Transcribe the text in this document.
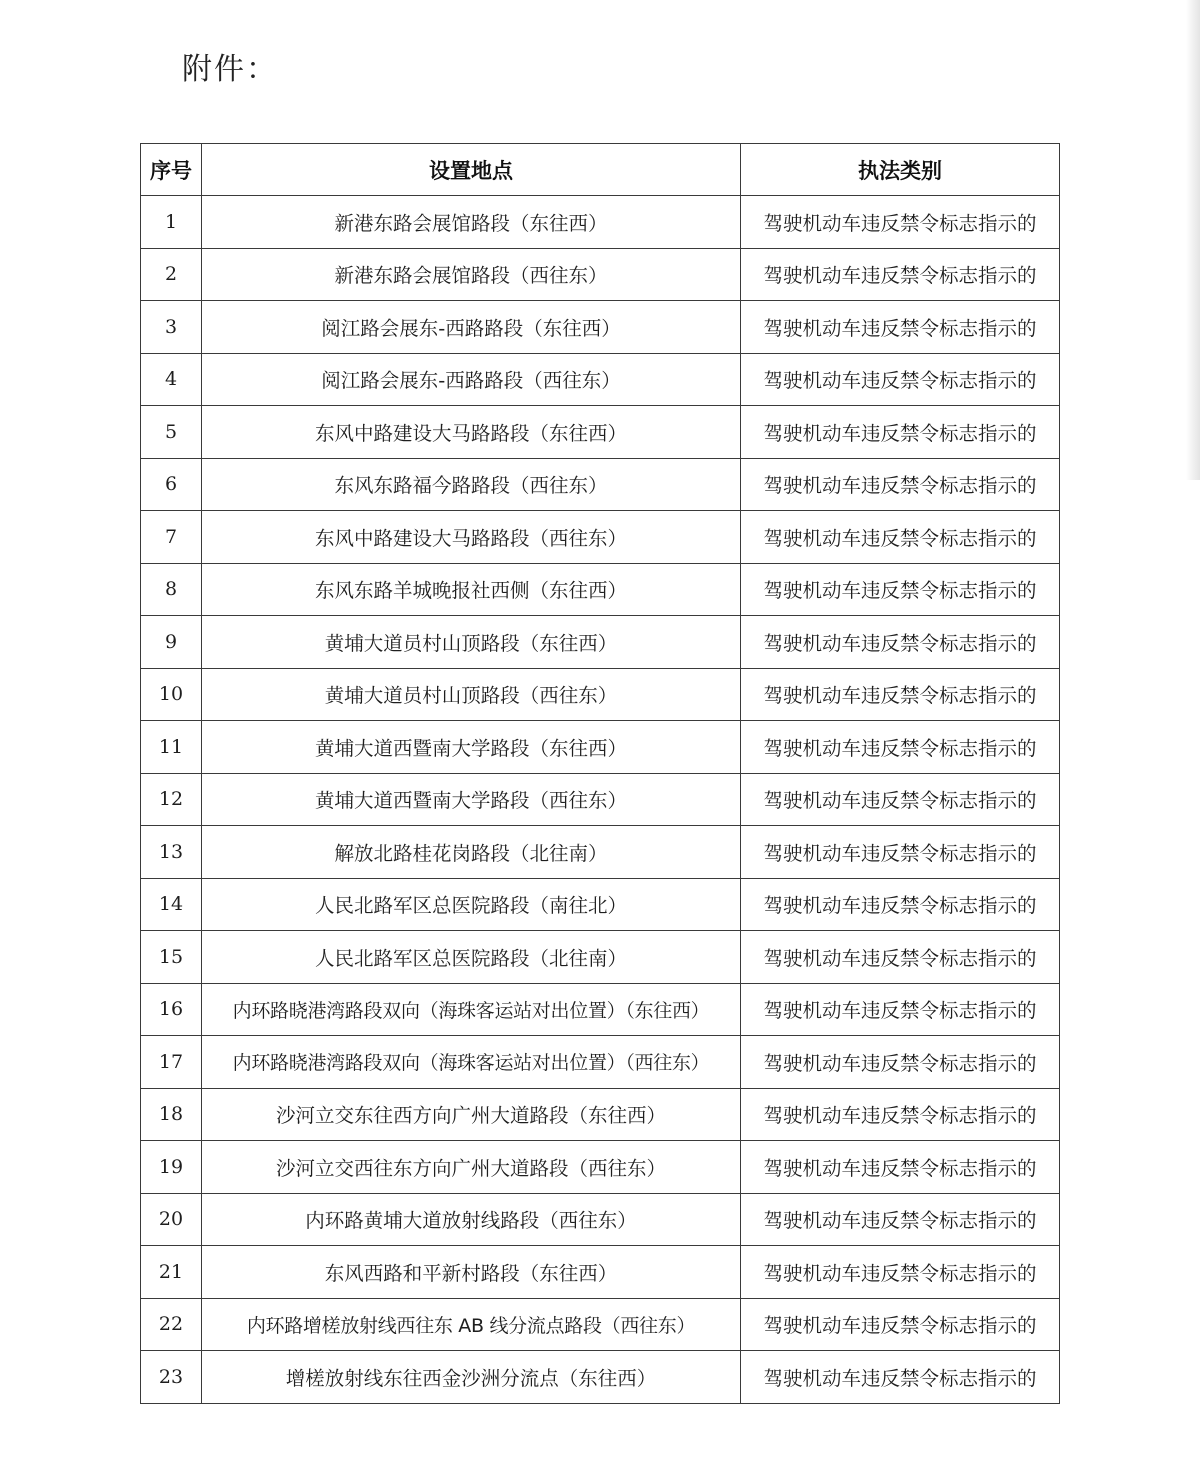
附件：
序号	设置地点	执法类别
1	新港东路会展馆路段（东往西）	驾驶机动车违反禁令标志指示的
2	新港东路会展馆路段（西往东）	驾驶机动车违反禁令标志指示的
3	阅江路会展东-西路路段（东往西）	驾驶机动车违反禁令标志指示的
4	阅江路会展东-西路路段（西往东）	驾驶机动车违反禁令标志指示的
5	东风中路建设大马路路段（东往西）	驾驶机动车违反禁令标志指示的
6	东风东路福今路路段（西往东）	驾驶机动车违反禁令标志指示的
7	东风中路建设大马路路段（西往东）	驾驶机动车违反禁令标志指示的
8	东风东路羊城晚报社西侧（东往西）	驾驶机动车违反禁令标志指示的
9	黄埔大道员村山顶路段（东往西）	驾驶机动车违反禁令标志指示的
10	黄埔大道员村山顶路段（西往东）	驾驶机动车违反禁令标志指示的
11	黄埔大道西暨南大学路段（东往西）	驾驶机动车违反禁令标志指示的
12	黄埔大道西暨南大学路段（西往东）	驾驶机动车违反禁令标志指示的
13	解放北路桂花岗路段（北往南）	驾驶机动车违反禁令标志指示的
14	人民北路军区总医院路段（南往北）	驾驶机动车违反禁令标志指示的
15	人民北路军区总医院路段（北往南）	驾驶机动车违反禁令标志指示的
16	内环路晓港湾路段双向（海珠客运站对出位置）（东往西）	驾驶机动车违反禁令标志指示的
17	内环路晓港湾路段双向（海珠客运站对出位置）（西往东）	驾驶机动车违反禁令标志指示的
18	沙河立交东往西方向广州大道路段（东往西）	驾驶机动车违反禁令标志指示的
19	沙河立交西往东方向广州大道路段（西往东）	驾驶机动车违反禁令标志指示的
20	内环路黄埔大道放射线路段（西往东）	驾驶机动车违反禁令标志指示的
21	东风西路和平新村路段（东往西）	驾驶机动车违反禁令标志指示的
22	内环路增槎放射线西往东 AB 线分流点路段（西往东）	驾驶机动车违反禁令标志指示的
23	增槎放射线东往西金沙洲分流点（东往西）	驾驶机动车违反禁令标志指示的
